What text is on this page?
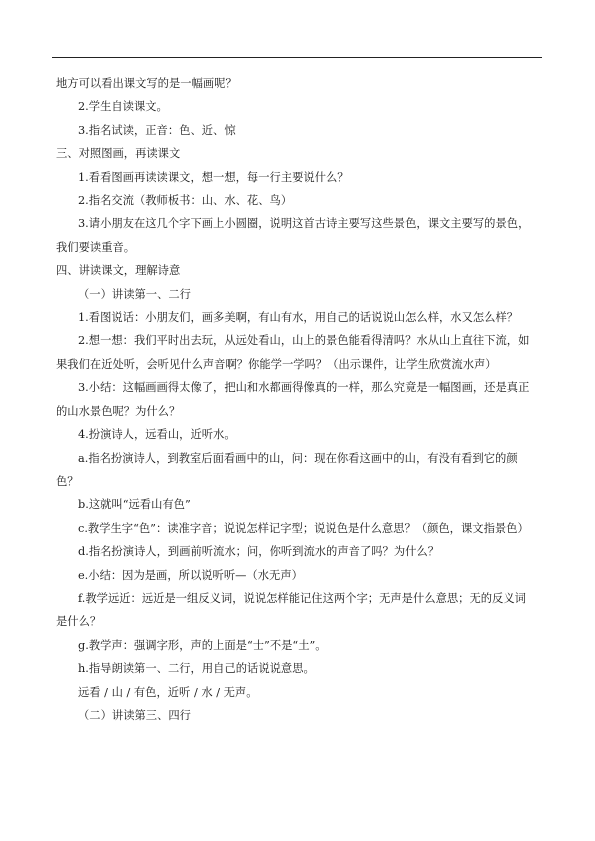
地方可以看出课文写的是一幅画呢？

2.学生自读课文。

3.指名试读，正音：色、近、惊

三、对照图画，再读课文

1.看看图画再读读课文，想一想，每一行主要说什么？

2.指名交流（教师板书：山、水、花、鸟）

3.请小朋友在这几个字下画上小圆圈，说明这首古诗主要写这些景色，课文主要写的景色，我们要读重音。

四、讲读课文，理解诗意

（一）讲读第一、二行

1.看图说话：小朋友们，画多美啊，有山有水，用自己的话说说山怎么样，水又怎么样？

2.想一想：我们平时出去玩，从远处看山，山上的景色能看得清吗？水从山上直往下流，如果我们在近处听，会听见什么声音啊？你能学一学吗？（出示课件，让学生欣赏流水声）

3.小结：这幅画画得太像了，把山和水都画得像真的一样，那么究竟是一幅图画，还是真正的山水景色呢？为什么？

4.扮演诗人，远看山，近听水。

a.指名扮演诗人，到教室后面看画中的山，问：现在你看这画中的山，有没有看到它的颜色？

b.这就叫“远看山有色”

c.教学生字“色”：读准字音；说说怎样记字型；说说色是什么意思？（颜色，课文指景色）

d.指名扮演诗人，到画前听流水；问，你听到流水的声音了吗？为什么？

e.小结：因为是画，所以说听听—（水无声）

f.教学远近：远近是一组反义词，说说怎样能记住这两个字；无声是什么意思；无的反义词是什么？

g.教学声：强调字形，声的上面是“士”不是“土”。

h.指导朗读第一、二行，用自己的话说说意思。

远看 / 山 / 有色，近听 / 水 / 无声。

（二）讲读第三、四行
